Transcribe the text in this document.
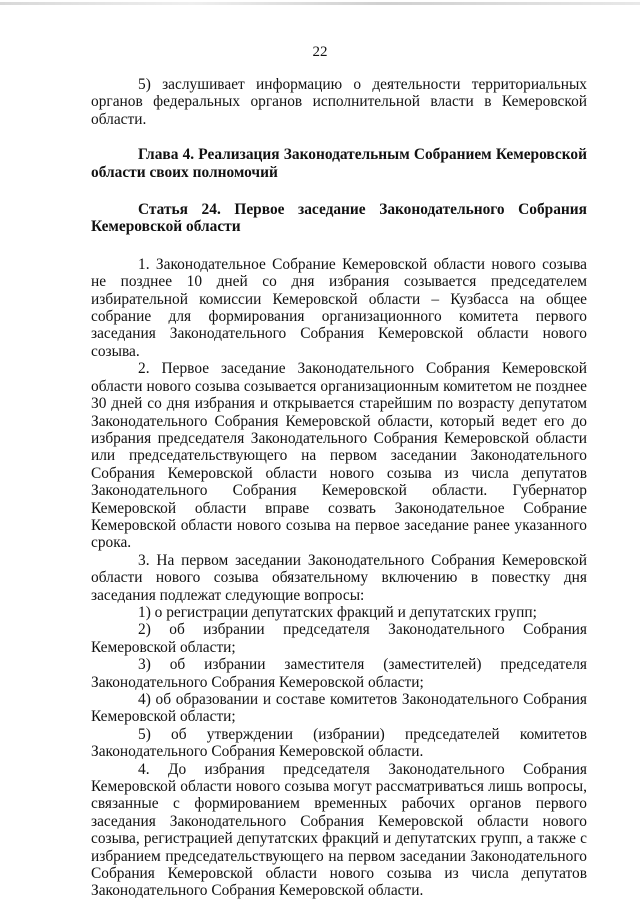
22

5) заслушивает информацию о деятельности территориальных органов федеральных органов исполнительной власти в Кемеровской области.

Глава 4. Реализация Законодательным Собранием Кемеровской области своих полномочий
Статья 24. Первое заседание Законодательного Собрания Кемеровской области

1. Законодательное Собрание Кемеровской области нового созыва не позднее 10 дней со дня избрания созывается председателем избирательной комиссии Кемеровской области – Кузбасса на общее собрание для формирования организационного комитета первого заседания Законодательного Собрания Кемеровской области нового созыва.

2. Первое заседание Законодательного Собрания Кемеровской области нового созыва созывается организационным комитетом не позднее 30 дней со дня избрания и открывается старейшим по возрасту депутатом Законодательного Собрания Кемеровской области, который ведет его до избрания председателя Законодательного Собрания Кемеровской области или председательствующего на первом заседании Законодательного Собрания Кемеровской области нового созыва из числа депутатов Законодательного Собрания Кемеровской области. Губернатор Кемеровской области вправе созвать Законодательное Собрание Кемеровской области нового созыва на первое заседание ранее указанного срока.

3. На первом заседании Законодательного Собрания Кемеровской области нового созыва обязательному включению в повестку дня заседания подлежат следующие вопросы:

1) о регистрации депутатских фракций и депутатских групп;

2) об избрании председателя Законодательного Собрания Кемеровской области;

3) об избрании заместителя (заместителей) председателя Законодательного Собрания Кемеровской области;

4) об образовании и составе комитетов Законодательного Собрания Кемеровской области;

5) об утверждении (избрании) председателей комитетов Законодательного Собрания Кемеровской области.

4. До избрания председателя Законодательного Собрания Кемеровской области нового созыва могут рассматриваться лишь вопросы, связанные с формированием временных рабочих органов первого заседания Законодательного Собрания Кемеровской области нового созыва, регистрацией депутатских фракций и депутатских групп, а также с избранием председательствующего на первом заседании Законодательного Собрания Кемеровской области нового созыва из числа депутатов Законодательного Собрания Кемеровской области.
